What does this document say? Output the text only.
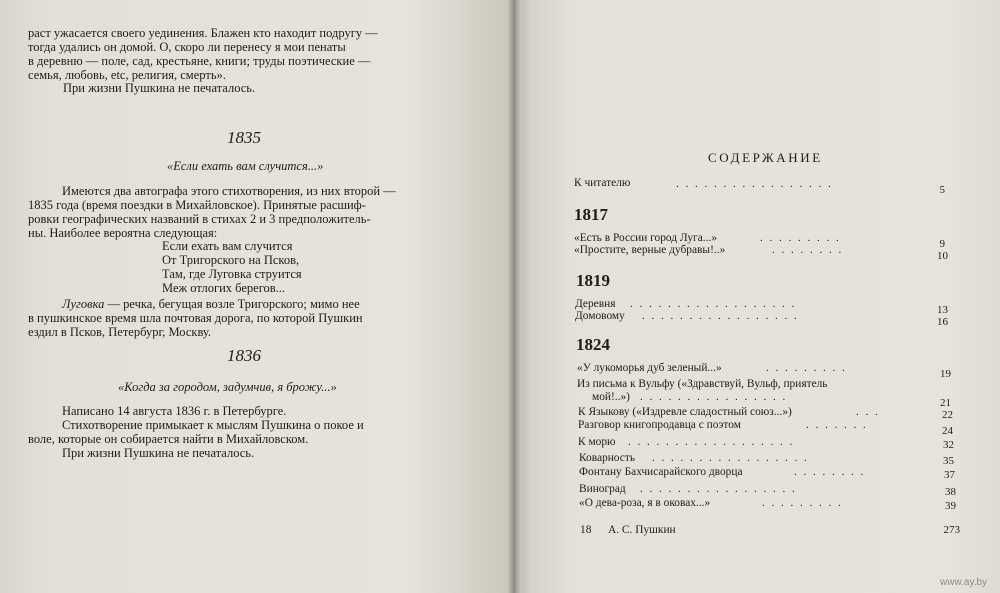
раст ужасается своего уединения. Блажен кто находит подругу —
тогда удались он домой. О, скоро ли перенесу я мои пенаты
в деревню — поле, сад, крестьяне, книги; труды поэтические —
семья, любовь, etc, религия, смерть».
При жизни Пушкина не печаталось.
1835
«Если ехать вам случится...»
Имеются два автографа этого стихотворения, из них второй —
1835 года (время поездки в Михайловское). Принятые расшиф-
ровки географических названий в стихах 2 и 3 предположитель-
ны. Наиболее вероятна следующая:
Если ехать вам случится
От Тригорского на Псков,
Там, где Луговка струится
Меж отлогих берегов...
Луговка — речка, бегущая возле Тригорского; мимо нее
в пушкинское время шла почтовая дорога, по которой Пушкин
ездил в Псков, Петербург, Москву.
1836
«Когда за городом, задумчив, я брожу...»
Написано 14 августа 1836 г. в Петербурге.
Стихотворение примыкает к мыслям Пушкина о покое и
воле, которые он собирается найти в Михайловском.
При жизни Пушкина не печаталось.
СОДЕРЖАНИЕ
К читателю	. . . . . . . . . . . . . . . . .	5
1817
«Есть в России город Луга...»	. . . . . . . . .	9
«Простите, верные дубравы!..»	. . . . . . . .	10
1819
Деревня . . . . . . . . . . . . . . . . . .	13
Домовому . . . . . . . . . . . . . . . . .	16
1824
«У лукоморья дуб зеленый...»	. . . . . . . . .	19
Из письма к Вульфу («Здравствуй, Вульф, приятель
мой!..») . . . . . . . . . . . . . . . .	21
К Языкову («Издревле сладостный союз...»)	. . .	22
Разговор книгопродавца с поэтом	. . . . . . .	24
К морю . . . . . . . . . . . . . . . . . .	32
Коварность . . . . . . . . . . . . . . . . .	35
Фонтану Бахчисарайского дворца	. . . . . . . .	37
Виноград . . . . . . . . . . . . . . . . .	38
«О дева-роза, я в оковах...»	. . . . . . . . .	39
18 А. С. Пушкин	273
www.ay.by
